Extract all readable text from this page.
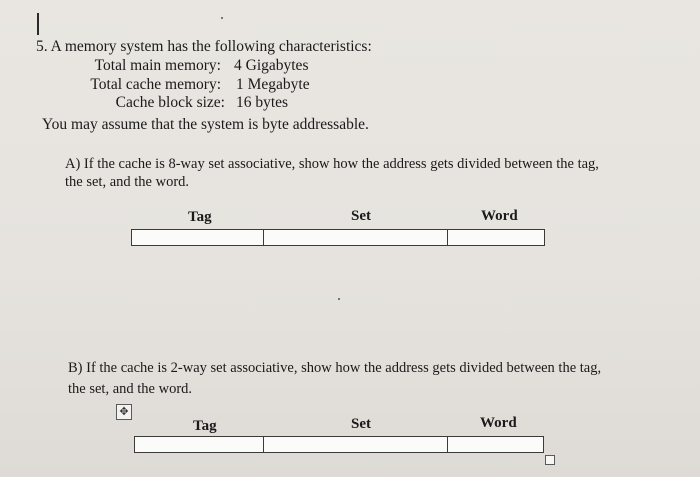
5. A memory system has the following characteristics:
Total main memory: 4 Gigabytes
Total cache memory: 1 Megabyte
Cache block size: 16 bytes
You may assume that the system is byte addressable.
A) If the cache is 8-way set associative, show how the address gets divided between the tag,
the set, and the word.
Tag	Set	Word
B) If the cache is 2-way set associative, show how the address gets divided between the tag,
the set, and the word.
✥
Tag	Set	Word
